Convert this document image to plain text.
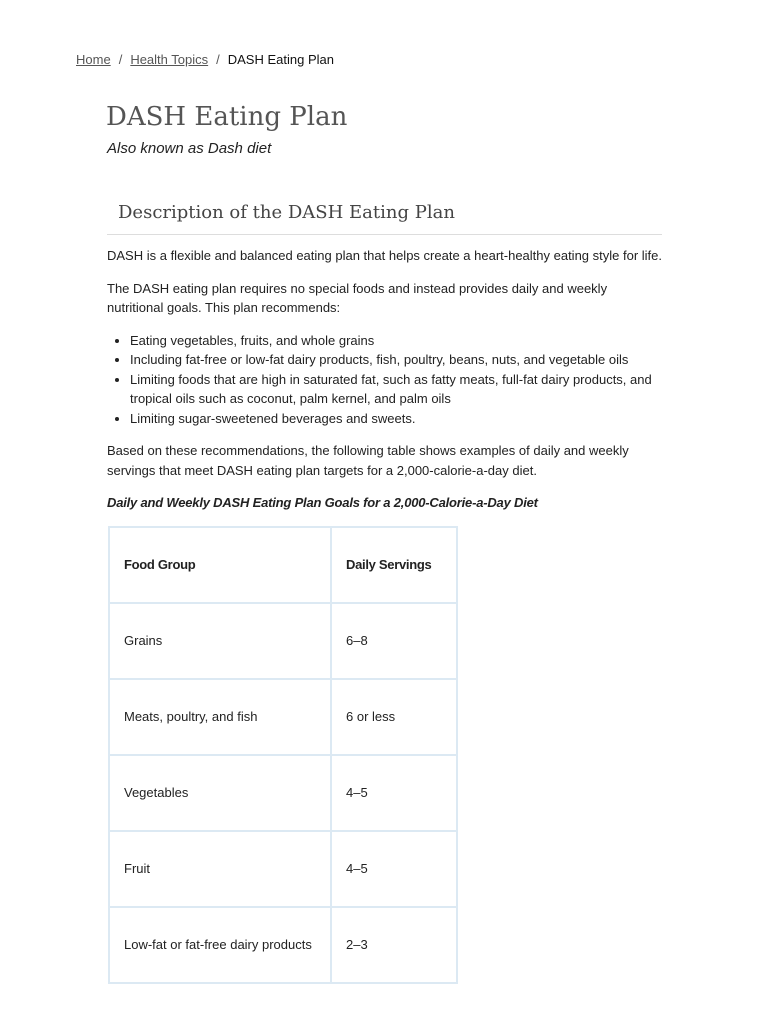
Home / Health Topics / DASH Eating Plan
DASH Eating Plan

Also known as Dash diet

Description of the DASH Eating Plan

DASH is a flexible and balanced eating plan that helps create a heart-healthy eating style for life.

The DASH eating plan requires no special foods and instead provides daily and weekly nutritional goals. This plan recommends:

• Eating vegetables, fruits, and whole grains
• Including fat-free or low-fat dairy products, fish, poultry, beans, nuts, and vegetable oils
• Limiting foods that are high in saturated fat, such as fatty meats, full-fat dairy products, and tropical oils such as coconut, palm kernel, and palm oils
• Limiting sugar-sweetened beverages and sweets.

Based on these recommendations, the following table shows examples of daily and weekly servings that meet DASH eating plan targets for a 2,000-calorie-a-day diet.

Daily and Weekly DASH Eating Plan Goals for a 2,000-Calorie-a-Day Diet

Food Group	Daily Servings
Grains	6–8
Meats, poultry, and fish	6 or less
Vegetables	4–5
Fruit	4–5
Low-fat or fat-free dairy products	2–3
